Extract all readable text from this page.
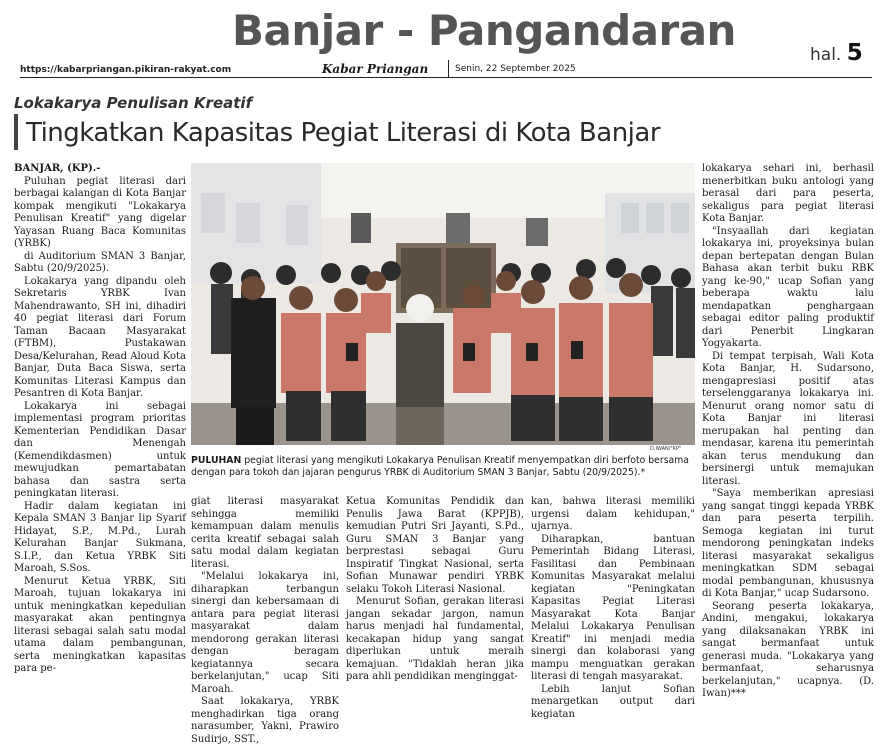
Banjar - Pangandaran	hal. 5
https://kabarpriangan.pikiran-rakyat.com	Kabar Priangan	Senin, 22 September 2025
Lokakarya Penulisan Kreatif
Tingkatkan Kapasitas Pegiat Literasi di Kota Banjar

BANJAR, (KP).-

Puluhan pegiat literasi dari berbagai kalangan di Kota Banjar kompak mengikuti "Lokakarya Penulisan Kreatif" yang digelar Yayasan Ruang Baca Komunitas (YRBK)

di Auditorium SMAN 3 Banjar, Sabtu (20/9/2025).

Lokakarya yang dipandu oleh Sekretaris YRBK Ivan Mahendrawanto, SH ini, dihadiri 40 pegiat literasi dari Forum Taman Bacaan Masyarakat (FTBM), Pustakawan Desa/Kelurahan, Read Aloud Kota Banjar, Duta Baca Siswa, serta Komunitas Literasi Kampus dan Pesantren di Kota Banjar.

Lokakarya ini sebagai implementasi program prioritas Kementerian Pendidikan Dasar dan Menengah (Kemendikdasmen) untuk mewujudkan pemartabatan bahasa dan sastra serta peningkatan literasi.

Hadir dalam kegiatan ini Kepala SMAN 3 Banjar Iip Syarif Hidayat, S.P., M.Pd., Lurah Kelurahan Banjar Sukmana, S.I.P., dan Ketua YRBK Siti Maroah, S.Sos.

Menurut Ketua YRBK, Siti Maroah, tujuan lokakarya ini untuk meningkatkan kepedulian masyarakat akan pentingnya literasi sebagai salah satu modal utama dalam pembangunan, serta meningkatkan kapasitas para pe-

D.IWAN/"KP"
PULUHAN pegiat literasi yang mengikuti Lokakarya Penulisan Kreatif menyempatkan diri berfoto bersama dengan para tokoh dan jajaran pengurus YRBK di Auditorium SMAN 3 Banjar, Sabtu (20/9/2025).*

giat literasi masyarakat sehingga memiliki kemampuan dalam menulis cerita kreatif sebagai salah satu modal dalam kegiatan literasi.

"Melalui lokakarya ini, diharapkan terbangun sinergi dan kebersamaan di antara para pegiat literasi masyarakat dalam mendorong gerakan literasi dengan beragam kegiatannya secara berkelanjutan," ucap Siti Maroah.

Saat lokakarya, YRBK menghadirkan tiga orang narasumber, Yakni, Prawiro Sudirjo, SST.,

Ketua Komunitas Pendidik dan Penulis Jawa Barat (KPPJB), kemudian Putri Sri Jayanti, S.Pd., Guru SMAN 3 Banjar yang berprestasi sebagai Guru Inspiratif Tingkat Nasional, serta Sofian Munawar pendiri YRBK selaku Tokoh Literasi Nasional.

Menurut Sofian, gerakan literasi jangan sekadar jargon, namun harus menjadi hal fundamental, kecakapan hidup yang sangat diperlukan untuk meraih kemajuan. "Tidaklah heran jika para ahli pendidikan menginggat-

kan, bahwa literasi memiliki urgensi dalam kehidupan," ujarnya.

Diharapkan, bantuan Pemerintah Bidang Literasi, Fasilitasi dan Pembinaan Komunitas Masyarakat melalui kegiatan "Peningkatan Kapasitas Pegiat Literasi Masyarakat Kota Banjar Melalui Lokakarya Penulisan Kreatif" ini menjadi media sinergi dan kolaborasi yang mampu menguatkan gerakan literasi di tengah masyarakat.

Lebih lanjut Sofian menargetkan output dari kegiatan

lokakarya sehari ini, berhasil menerbitkan buku antologi yang berasal dari para peserta, sekaligus para pegiat literasi Kota Banjar.

"Insyaallah dari kegiatan lokakarya ini, proyeksinya bulan depan bertepatan dengan Bulan Bahasa akan terbit buku RBK yang ke-90," ucap Sofian yang beberapa waktu lalu mendapatkan penghargaan sebagai editor paling produktif dari Penerbit Lingkaran Yogyakarta.

Di tempat terpisah, Wali Kota Kota Banjar, H. Sudarsono, mengapresiasi positif atas terselenggaranya lokakarya ini. Menurut orang nomor satu di Kota Banjar ini literasi merupakan hal penting dan mendasar, karena itu pemerintah akan terus mendukung dan bersinergi untuk memajukan literasi.

"Saya memberikan apresiasi yang sangat tinggi kepada YRBK dan para peserta terpilih. Semoga kegiatan ini turut mendorong peningkatan indeks literasi masyarakat sekaligus meningkatkan SDM sebagai modal pembangunan, khususnya di Kota Banjar," ucap Sudarsono.

Seorang peserta lokakarya, Andini, mengakui, lokakarya yang dilaksanakan YRBK ini sangat bermanfaat untuk generasi muda. "Lokakarya yang bermanfaat, seharusnya berkelanjutan," ucapnya. (D. Iwan)***
